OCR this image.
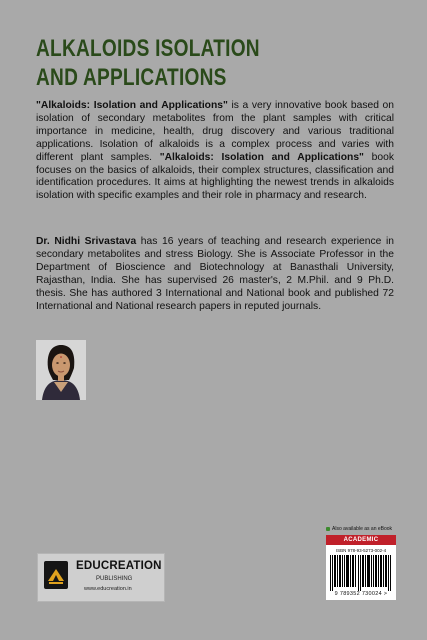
ALKALOIDS ISOLATION
AND APPLICATIONS

"Alkaloids: Isolation and Applications" is a very innovative book based on isolation of secondary metabolites from the plant samples with critical importance in medicine, health, drug discovery and various traditional applications. Isolation of alkaloids is a complex process and varies with different plant samples. "Alkaloids: Isolation and Applications" book focuses on the basics of alkaloids, their complex structures, classification and identification procedures. It aims at highlighting the newest trends in alkaloids isolation with specific examples and their role in pharmacy and research.

Dr. Nidhi Srivastava has 16 years of teaching and research experience in secondary metabolites and stress Biology. She is Associate Professor in the Department of Bioscience and Biotechnology at Banasthali University, Rajasthan, India. She has supervised 26 master's, 2 M.Phil. and 9 Ph.D. thesis. She has authored 3 International and National book and published 72 International and National research papers in reputed journals.

EDUCREATION
PUBLISHING
www.educreation.in
Also available as an eBook
ACADEMIC
ISBN 978-93-5273-002-4
9 789352 730024 >
